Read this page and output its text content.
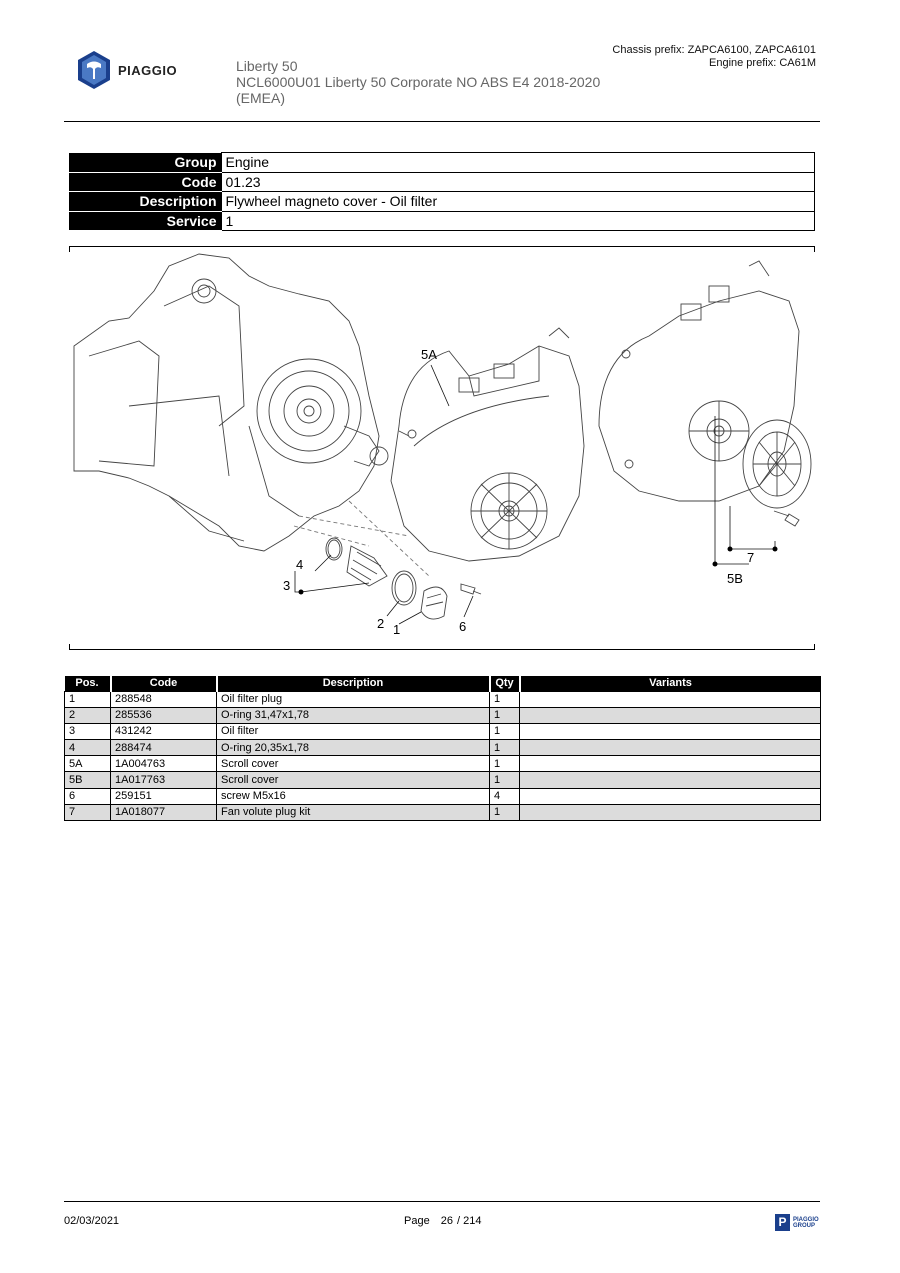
PIAGGIO	Liberty 50
NCL6000U01 Liberty 50 Corporate NO ABS E4 2018-2020
(EMEA)
Chassis prefix: ZAPCA6100, ZAPCA6101
Engine prefix: CA61M
Group	Engine
Code	01.23
Description	Flywheel magneto cover - Oil filter
Service	1
5A
5B
7
4
3
2 1	6
Pos.	Code	Description	Qty	Variants
1	288548	Oil filter plug	1	
2	285536	O-ring 31,47x1,78	1	
3	431242	Oil filter	1	
4	288474	O-ring 20,35x1,78	1	
5A	1A004763	Scroll cover	1	
5B	1A017763	Scroll cover	1	
6	259151	screw M5x16	4	
7	1A018077	Fan volute plug kit	1	
02/03/2021	Page 26 / 214	P	PIAGGIO
GROUP
